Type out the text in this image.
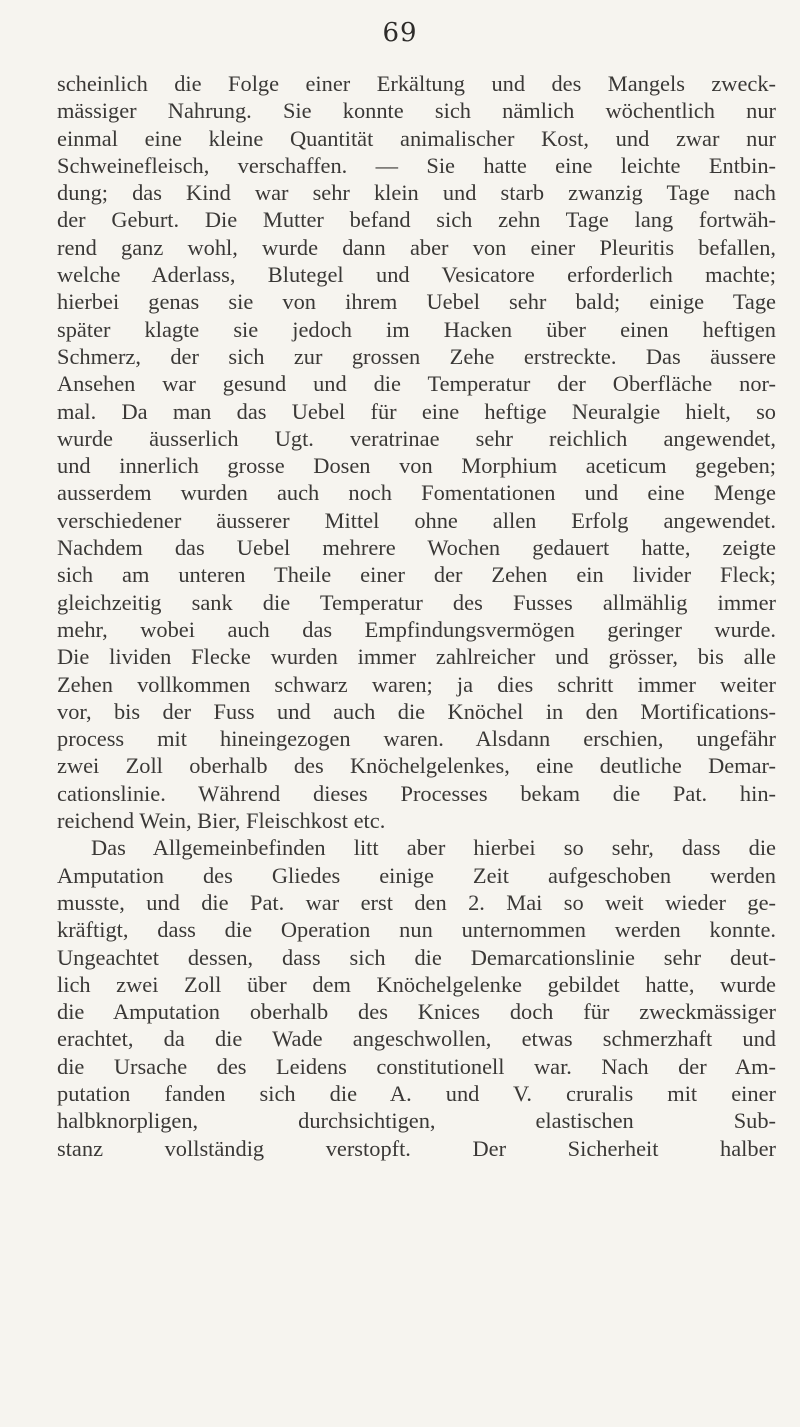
69
scheinlich die Folge einer Erkältung und des Mangels zweck-
mässiger Nahrung. Sie konnte sich nämlich wöchentlich nur
einmal eine kleine Quantität animalischer Kost, und zwar nur
Schweinefleisch, verschaffen. — Sie hatte eine leichte Entbin-
dung; das Kind war sehr klein und starb zwanzig Tage nach
der Geburt. Die Mutter befand sich zehn Tage lang fortwäh-
rend ganz wohl, wurde dann aber von einer Pleuritis befallen,
welche Aderlass, Blutegel und Vesicatore erforderlich machte;
hierbei genas sie von ihrem Uebel sehr bald; einige Tage
später klagte sie jedoch im Hacken über einen heftigen
Schmerz, der sich zur grossen Zehe erstreckte. Das äussere
Ansehen war gesund und die Temperatur der Oberfläche nor-
mal. Da man das Uebel für eine heftige Neuralgie hielt, so
wurde äusserlich Ugt. veratrinae sehr reichlich angewendet,
und innerlich grosse Dosen von Morphium aceticum gegeben;
ausserdem wurden auch noch Fomentationen und eine Menge
verschiedener äusserer Mittel ohne allen Erfolg angewendet.
Nachdem das Uebel mehrere Wochen gedauert hatte, zeigte
sich am unteren Theile einer der Zehen ein livider Fleck;
gleichzeitig sank die Temperatur des Fusses allmählig immer
mehr, wobei auch das Empfindungsvermögen geringer wurde.
Die lividen Flecke wurden immer zahlreicher und grösser, bis alle
Zehen vollkommen schwarz waren; ja dies schritt immer weiter
vor, bis der Fuss und auch die Knöchel in den Mortifications-
process mit hineingezogen waren. Alsdann erschien, ungefähr
zwei Zoll oberhalb des Knöchelgelenkes, eine deutliche Demar-
cationslinie. Während dieses Processes bekam die Pat. hin-
reichend Wein, Bier, Fleischkost etc.
Das Allgemeinbefinden litt aber hierbei so sehr, dass die
Amputation des Gliedes einige Zeit aufgeschoben werden
musste, und die Pat. war erst den 2. Mai so weit wieder ge-
kräftigt, dass die Operation nun unternommen werden konnte.
Ungeachtet dessen, dass sich die Demarcationslinie sehr deut-
lich zwei Zoll über dem Knöchelgelenke gebildet hatte, wurde
die Amputation oberhalb des Knices doch für zweckmässiger
erachtet, da die Wade angeschwollen, etwas schmerzhaft und
die Ursache des Leidens constitutionell war. Nach der Am-
putation fanden sich die A. und V. cruralis mit einer
halbknorpligen, durchsichtigen, elastischen Sub-
stanz vollständig verstopft. Der Sicherheit halber
